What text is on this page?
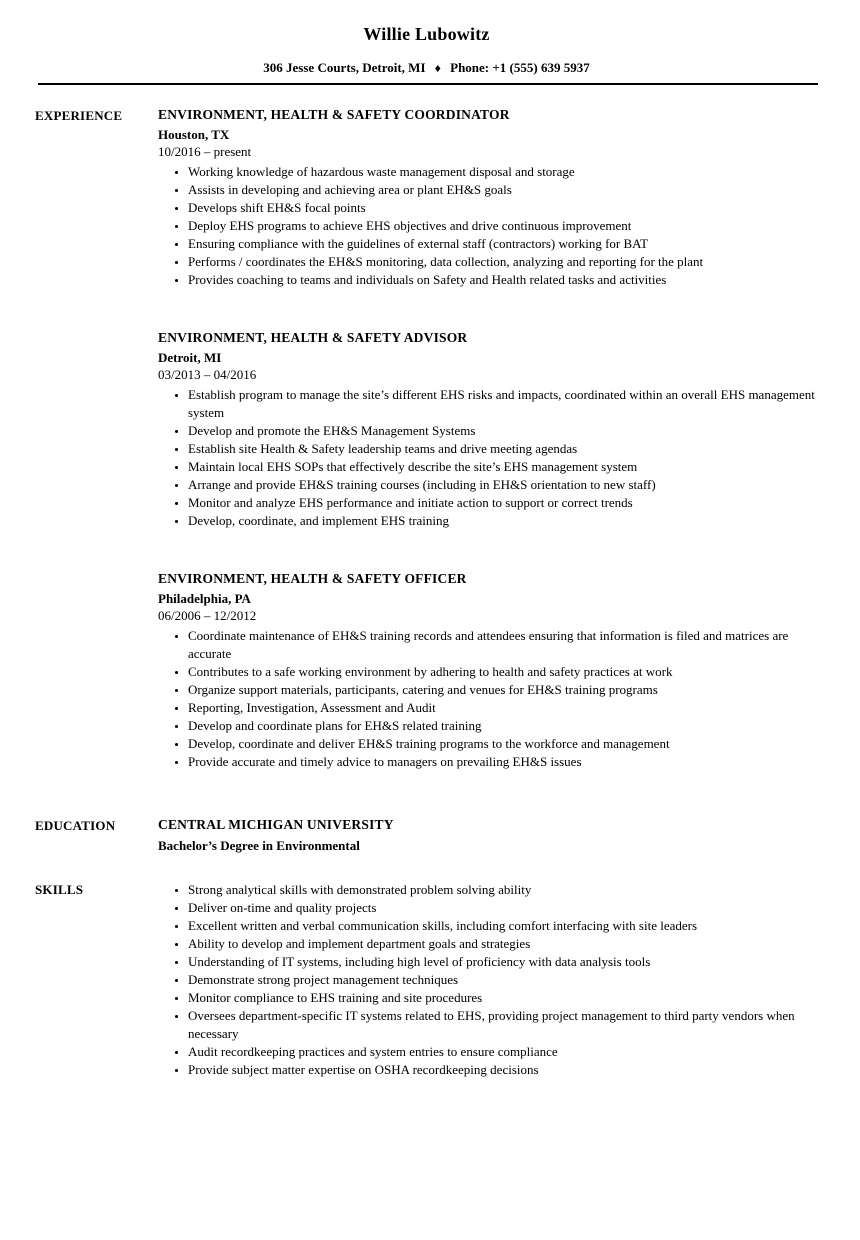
Willie Lubowitz
306 Jesse Courts, Detroit, MI ♦ Phone: +1 (555) 639 5937
EXPERIENCE	ENVIRONMENT, HEALTH & SAFETY COORDINATOR
Houston, TX
10/2016 – present
• Working knowledge of hazardous waste management disposal and storage
• Assists in developing and achieving area or plant EH&S goals
• Develops shift EH&S focal points
• Deploy EHS programs to achieve EHS objectives and drive continuous improvement
• Ensuring compliance with the guidelines of external staff (contractors) working for BAT
• Performs / coordinates the EH&S monitoring, data collection, analyzing and reporting for the plant
• Provides coaching to teams and individuals on Safety and Health related tasks and activities
ENVIRONMENT, HEALTH & SAFETY ADVISOR
Detroit, MI
03/2013 – 04/2016
• Establish program to manage the site’s different EHS risks and impacts, coordinated within an overall EHS management system
• Develop and promote the EH&S Management Systems
• Establish site Health & Safety leadership teams and drive meeting agendas
• Maintain local EHS SOPs that effectively describe the site’s EHS management system
• Arrange and provide EH&S training courses (including in EH&S orientation to new staff)
• Monitor and analyze EHS performance and initiate action to support or correct trends
• Develop, coordinate, and implement EHS training
ENVIRONMENT, HEALTH & SAFETY OFFICER
Philadelphia, PA
06/2006 – 12/2012
• Coordinate maintenance of EH&S training records and attendees ensuring that information is filed and matrices are accurate
• Contributes to a safe working environment by adhering to health and safety practices at work
• Organize support materials, participants, catering and venues for EH&S training programs
• Reporting, Investigation, Assessment and Audit
• Develop and coordinate plans for EH&S related training
• Develop, coordinate and deliver EH&S training programs to the workforce and management
• Provide accurate and timely advice to managers on prevailing EH&S issues
EDUCATION	CENTRAL MICHIGAN UNIVERSITY
Bachelor’s Degree in Environmental
SKILLS	• Strong analytical skills with demonstrated problem solving ability
• Deliver on-time and quality projects
• Excellent written and verbal communication skills, including comfort interfacing with site leaders
• Ability to develop and implement department goals and strategies
• Understanding of IT systems, including high level of proficiency with data analysis tools
• Demonstrate strong project management techniques
• Monitor compliance to EHS training and site procedures
• Oversees department-specific IT systems related to EHS, providing project management to third party vendors when necessary
• Audit recordkeeping practices and system entries to ensure compliance
• Provide subject matter expertise on OSHA recordkeeping decisions
